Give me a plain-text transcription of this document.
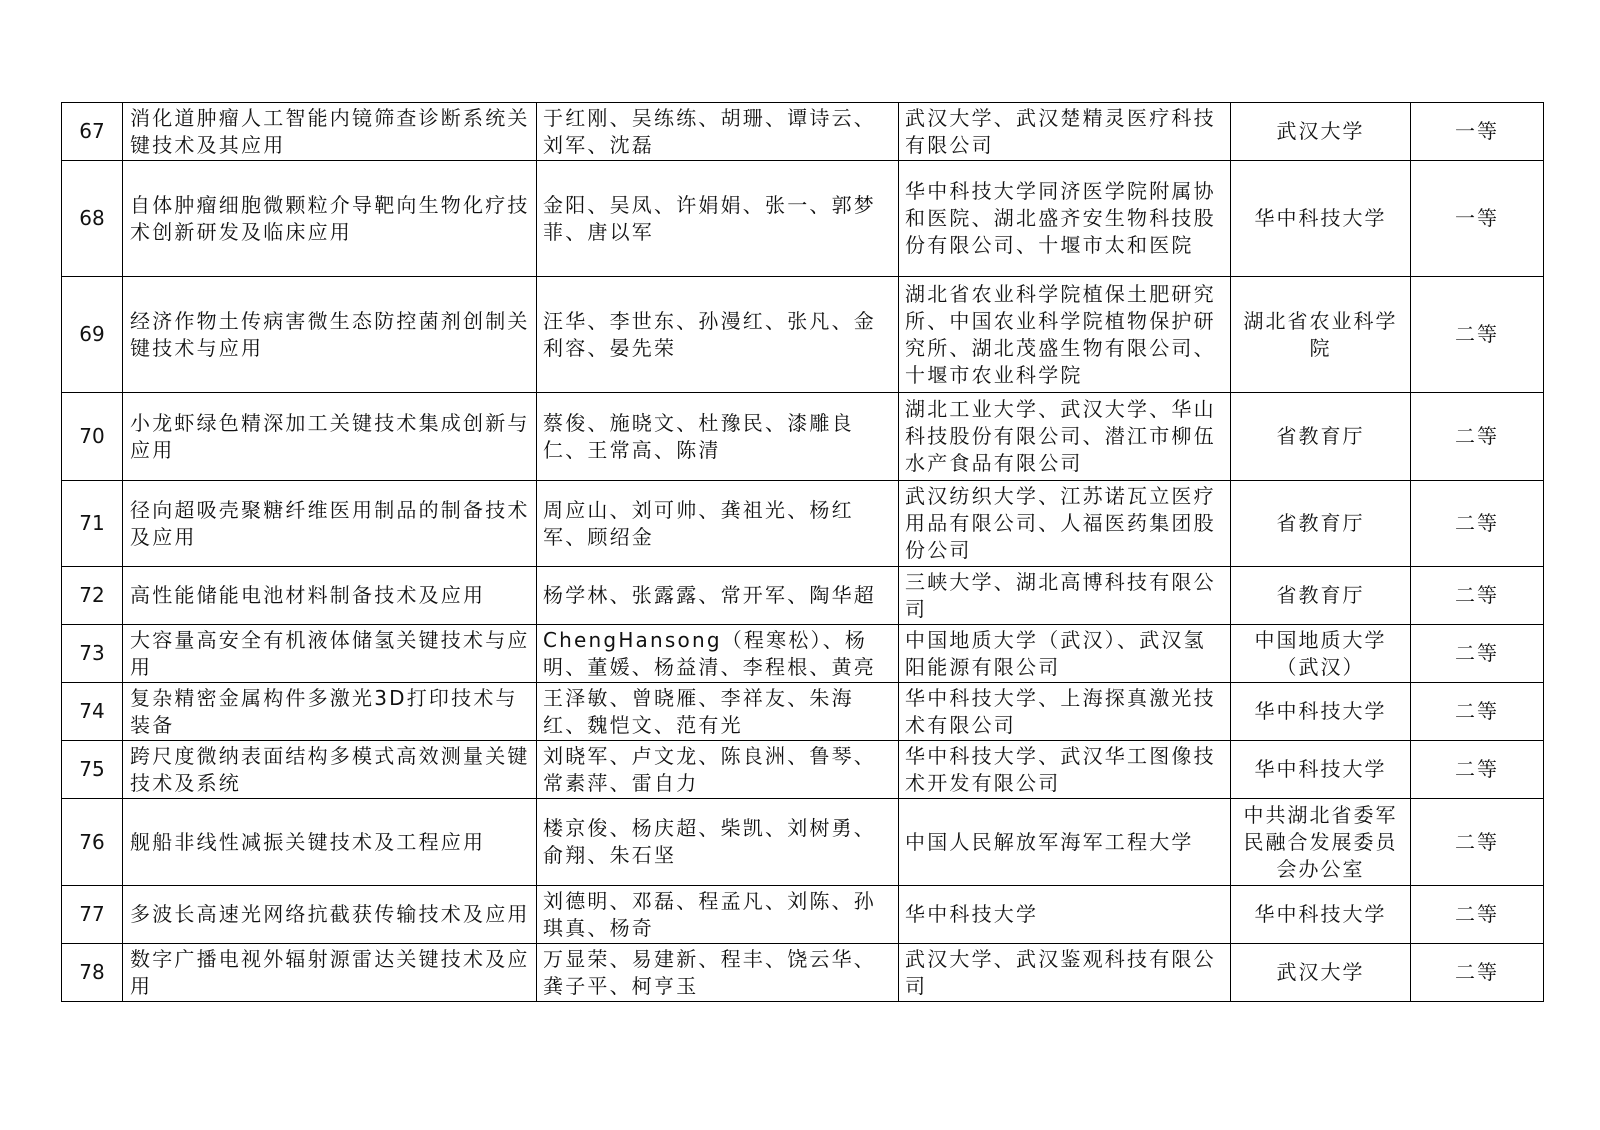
67	消化道肿瘤人工智能内镜筛查诊断系统关键技术及其应用	于红刚、吴练练、胡珊、谭诗云、刘军、沈磊	武汉大学、武汉楚精灵医疗科技有限公司	武汉大学	一等
68	自体肿瘤细胞微颗粒介导靶向生物化疗技术创新研发及临床应用	金阳、吴凤、许娟娟、张一、郭梦菲、唐以军	华中科技大学同济医学院附属协和医院、湖北盛齐安生物科技股份有限公司、十堰市太和医院	华中科技大学	一等
69	经济作物土传病害微生态防控菌剂创制关键技术与应用	汪华、李世东、孙漫红、张凡、金利容、晏先荣	湖北省农业科学院植保土肥研究所、中国农业科学院植物保护研究所、湖北茂盛生物有限公司、十堰市农业科学院	湖北省农业科学院	二等
70	小龙虾绿色精深加工关键技术集成创新与应用	蔡俊、施晓文、杜豫民、漆雕良仁、王常高、陈清	湖北工业大学、武汉大学、华山科技股份有限公司、潜江市柳伍水产食品有限公司	省教育厅	二等
71	径向超吸壳聚糖纤维医用制品的制备技术及应用	周应山、刘可帅、龚祖光、杨红军、顾绍金	武汉纺织大学、江苏诺瓦立医疗用品有限公司、人福医药集团股份公司	省教育厅	二等
72	高性能储能电池材料制备技术及应用	杨学林、张露露、常开军、陶华超	三峡大学、湖北高博科技有限公司	省教育厅	二等
73	大容量高安全有机液体储氢关键技术与应用	ChengHansong（程寒松）、杨明、董媛、杨益清、李程根、黄亮	中国地质大学（武汉）、武汉氢阳能源有限公司	中国地质大学（武汉）	二等
74	复杂精密金属构件多激光3D打印技术与装备	王泽敏、曾晓雁、李祥友、朱海红、魏恺文、范有光	华中科技大学、上海探真激光技术有限公司	华中科技大学	二等
75	跨尺度微纳表面结构多模式高效测量关键技术及系统	刘晓军、卢文龙、陈良洲、鲁琴、常素萍、雷自力	华中科技大学、武汉华工图像技术开发有限公司	华中科技大学	二等
76	舰船非线性减振关键技术及工程应用	楼京俊、杨庆超、柴凯、刘树勇、俞翔、朱石坚	中国人民解放军海军工程大学	中共湖北省委军民融合发展委员会办公室	二等
77	多波长高速光网络抗截获传输技术及应用	刘德明、邓磊、程孟凡、刘陈、孙琪真、杨奇	华中科技大学	华中科技大学	二等
78	数字广播电视外辐射源雷达关键技术及应用	万显荣、易建新、程丰、饶云华、龚子平、柯亨玉	武汉大学、武汉鉴观科技有限公司	武汉大学	二等
